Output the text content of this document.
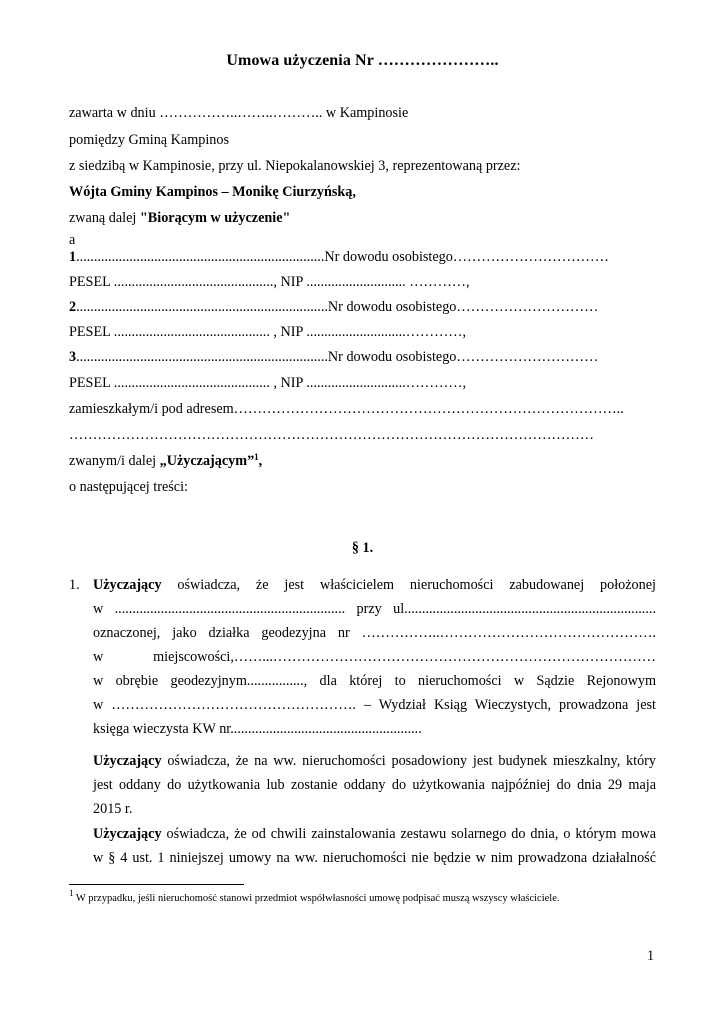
Umowa użyczenia Nr …………………..
zawarta w dniu ……………..……..……….. w Kampinosie
pomiędzy Gminą Kampinos
z siedzibą w Kampinosie, przy ul. Niepokalanowskiej 3, reprezentowaną przez:
Wójta Gminy Kampinos – Monikę Ciurzyńską,
zwaną dalej "Biorącym w użyczenie"
a
1......................................................................Nr dowodu osobistego……………………………
PESEL ............................................., NIP ............................ …………,
2.......................................................................Nr dowodu osobistego…………………………
PESEL ............................................ , NIP ............................…………,
3.......................................................................Nr dowodu osobistego…………………………
PESEL ............................................ , NIP ............................…………,
zamieszkałym/i pod adresem………………………………………………………………………..
…………………………………………………………………………………………………
zwanym/i dalej „Użyczającym”$^1$,
o następującej treści:
§ 1.
1. Użyczający oświadcza, że jest właścicielem nieruchomości zabudowanej położonej
w ................................................................. przy ul.......................................................................
oznaczonej, jako działka geodezyjna nr ……………..……………………………………….
w miejscowości,……...………………………………………………………………………
w obrębie geodezyjnym................, dla której to nieruchomości w Sądzie Rejonowym
w ……………………………………………. – Wydział Ksiąg Wieczystych, prowadzona jest
księga wieczysta KW nr......................................................
Użyczający oświadcza, że na ww. nieruchomości posadowiony jest budynek mieszkalny, który
jest oddany do użytkowania lub zostanie oddany do użytkowania najpóźniej do dnia 29 maja
2015 r.
Użyczający oświadcza, że od chwili zainstalowania zestawu solarnego do dnia, o którym mowa
w § 4 ust. 1 niniejszej umowy na ww. nieruchomości nie będzie w nim prowadzona działalność
$^1$ W przypadku, jeśli nieruchomość stanowi przedmiot współwłasności umowę podpisać muszą wszyscy właściciele.
1
